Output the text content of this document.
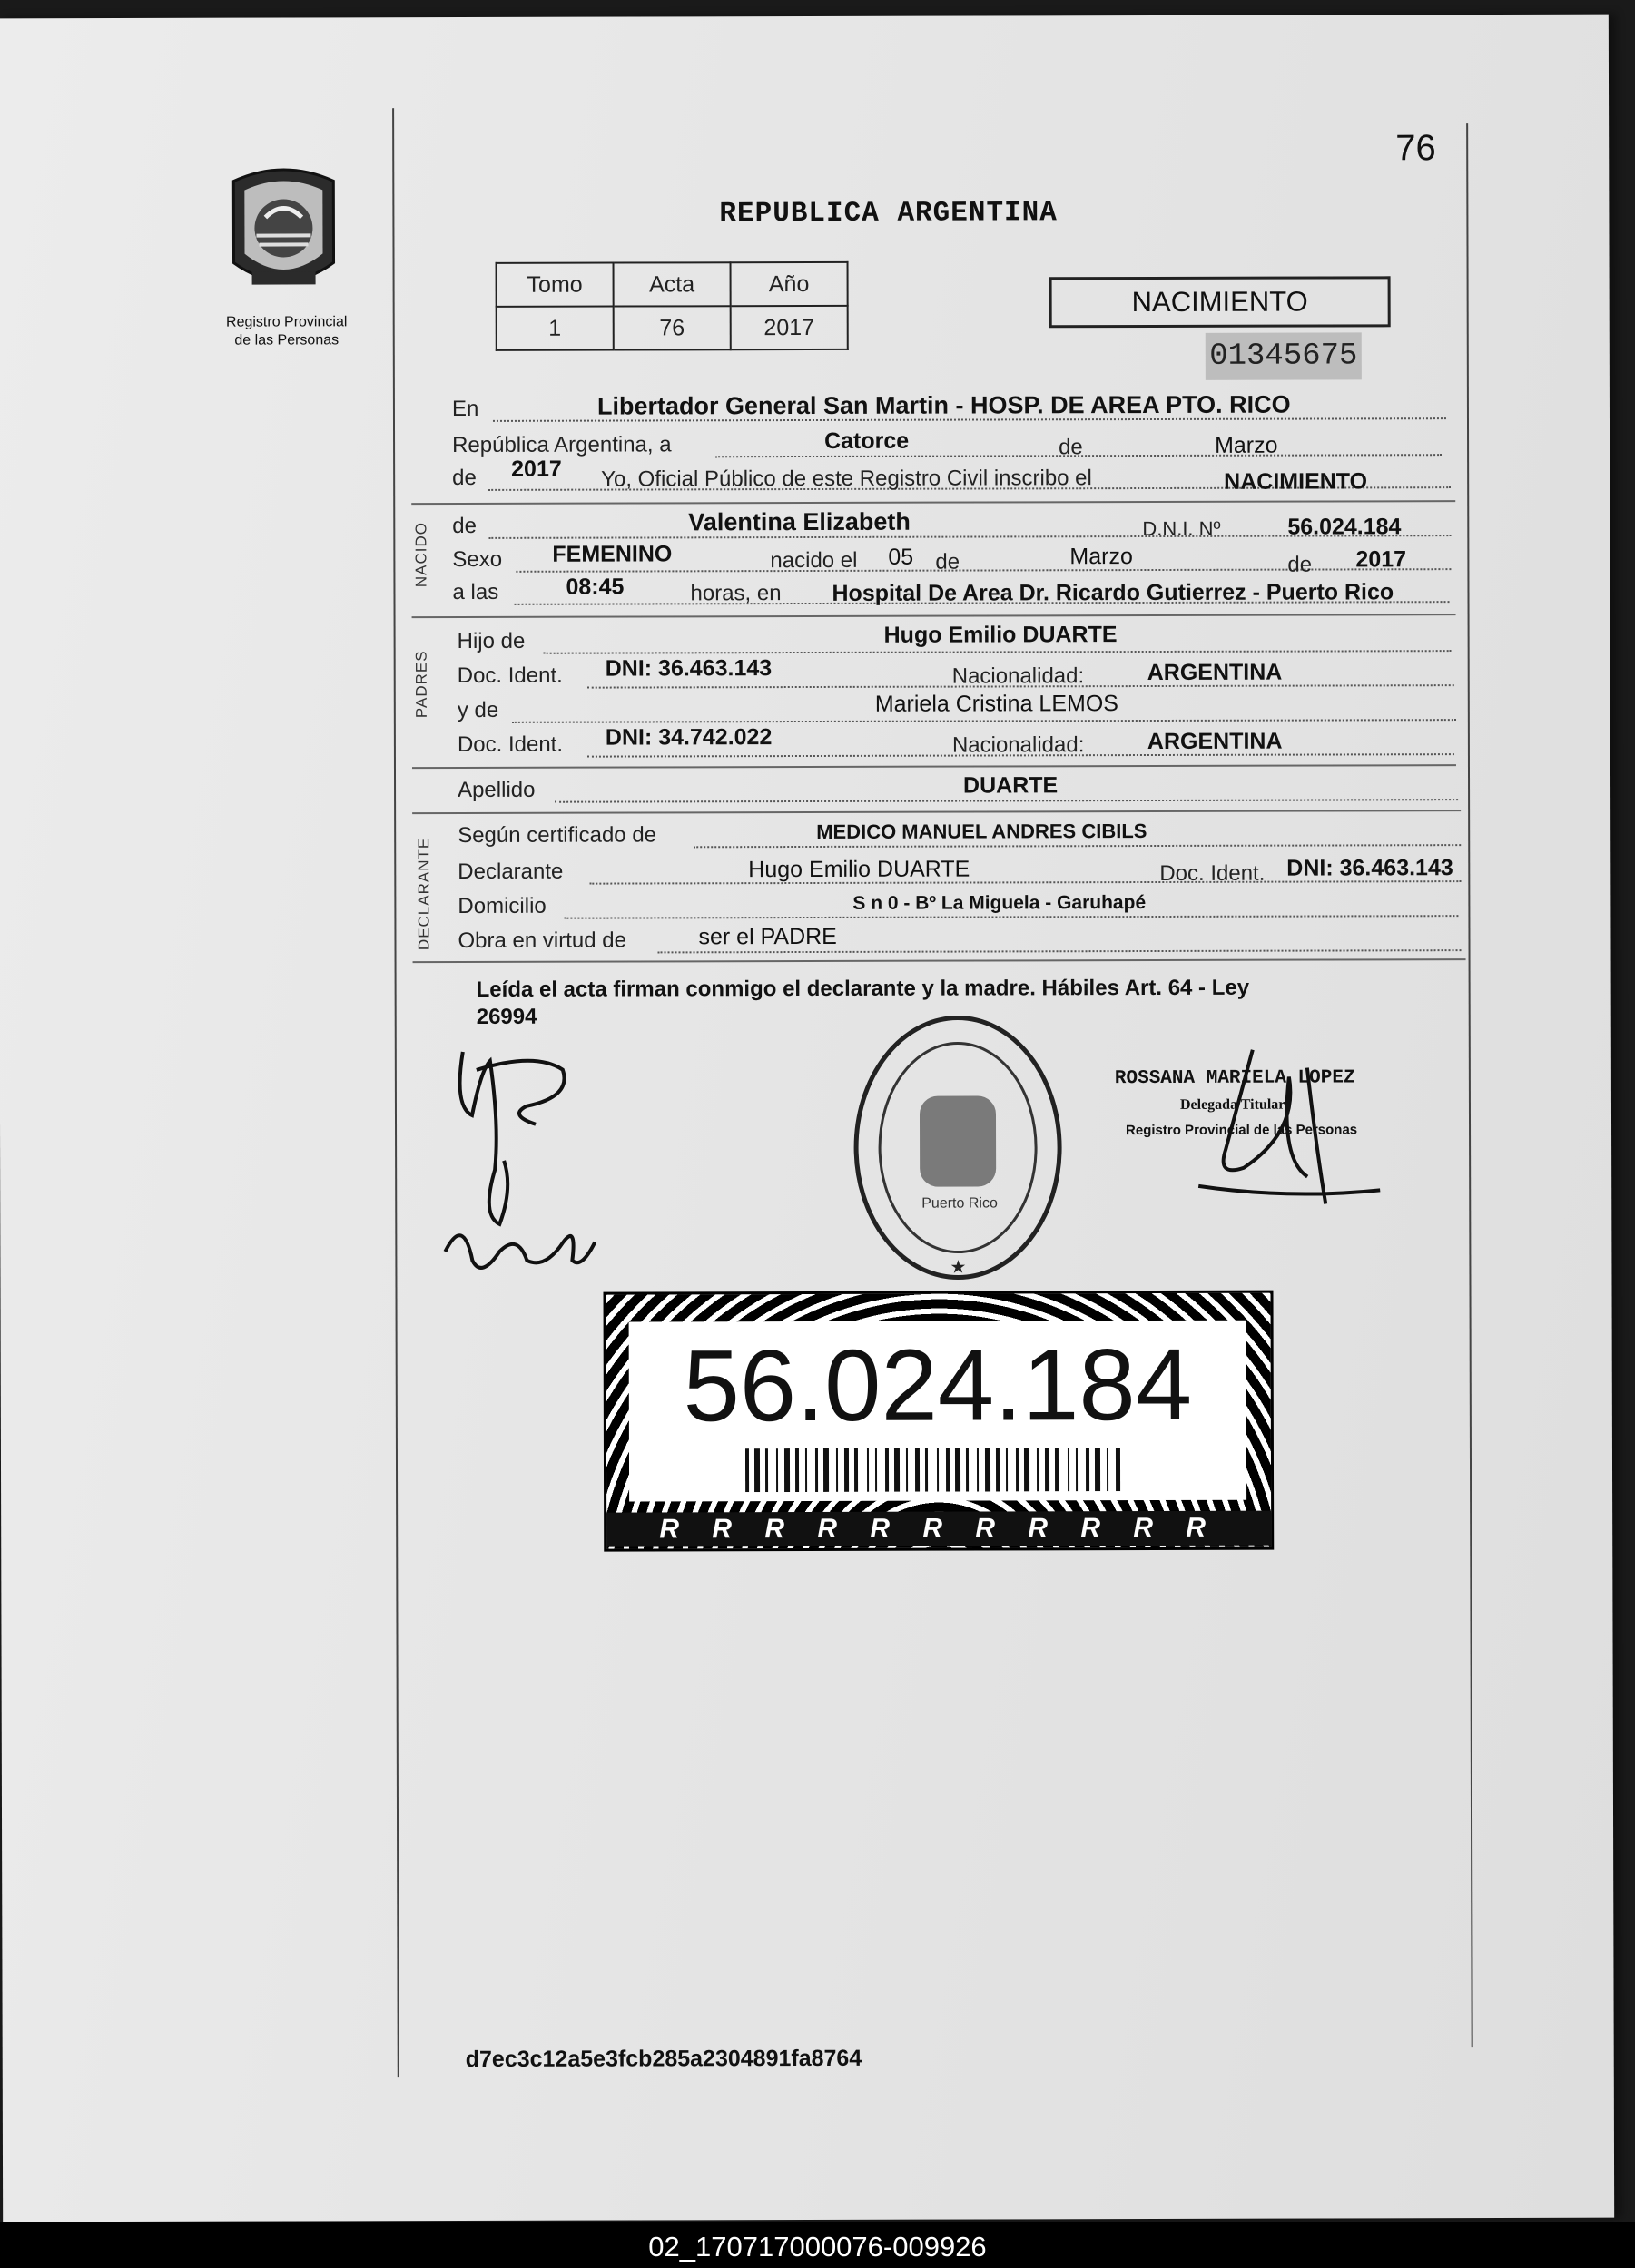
76
Registro Provincial
de las Personas
REPUBLICA ARGENTINA
Tomo	Acta	Año
1	76	2017
NACIMIENTO
01345675
En	Libertador General San Martin - HOSP. DE AREA PTO. RICO
República Argentina, a	Catorce	de	Marzo
de 2017 Yo, Oficial Público de este Registro Civil inscribo el	NACIMIENTO
NACIDO de	Valentina Elizabeth	D.N.I. Nº	56.024.184
Sexo FEMENINO	nacido el 05 de	Marzo	de 2017
a las	08:45	horas, en Hospital De Area Dr. Ricardo Gutierrez - Puerto Rico
PADRES
Hijo de	Hugo Emilio DUARTE
Doc. Ident. DNI: 36.463.143	Nacionalidad:	ARGENTINA
y de	Mariela Cristina LEMOS
Doc. Ident. DNI: 34.742.022	Nacionalidad:	ARGENTINA
Apellido	DUARTE
DECLARANTE
Según certificado de	MEDICO MANUEL ANDRES CIBILS
Declarante	Hugo Emilio DUARTE	Doc. Ident. DNI: 36.463.143
Domicilio	S n 0 - Bº La Miguela - Garuhapé
Obra en virtud de	ser el PADRE
Leída el acta firman conmigo el declarante y la madre. Hábiles Art. 64 - Ley
26994
★
Puerto Rico
ROSSANA MARIELA LOPEZ
Delegada Titular
Registro Provincial de las Personas
56.024.184
R R R R R R R R R R R
d7ec3c12a5e3fcb285a2304891fa8764
02_170717000076-009926
